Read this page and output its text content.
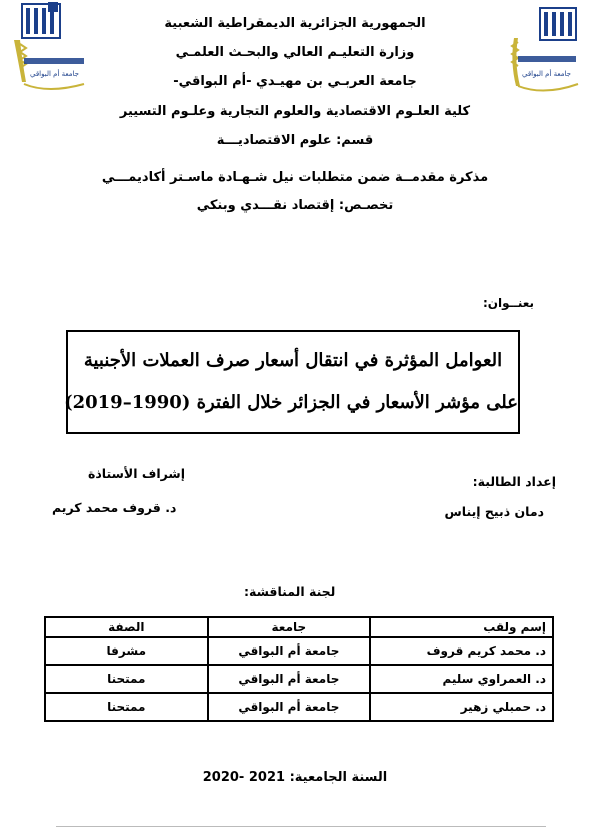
جامعة أم البواقي	جامعة أم البواقي
الجمهورية الجزائرية الديمقراطية الشعبية
وزارة التعليـم العالي والبحـث العلمـي
جامعة العربـي بن مهيـدي -أم البواقي-
كلية العلـوم الاقتصادية والعلوم التجارية وعلـوم التسيير
قسم: علوم الاقتصاديـــة
مذكرة مقدمــة ضمن متطلبات نيل شـهـادة ماسـتر أكاديمـــي
تخصـص: إقتصاد نقـــدي وبنكي
بعنــوان:
العوامل المؤثرة في انتقال أسعار صرف العملات الأجنبية
على مؤشر الأسعار في الجزائر خلال الفترة (1990–2019)
إعداد الطالبة:
دمان ذبيح إيناس
إشراف الأستاذة
د. قروف محمد كريم
لجنة المناقشة:
إسم ولقب	جامعة	الصفة
د. محمد كريم قروف	جامعة أم البواقي	مشرفا
د. العمراوي سليم	جامعة أم البواقي	ممتحنا
د. حمبلي زهير	جامعة أم البواقي	ممتحنا
السنة الجامعية: 2020- 2021
